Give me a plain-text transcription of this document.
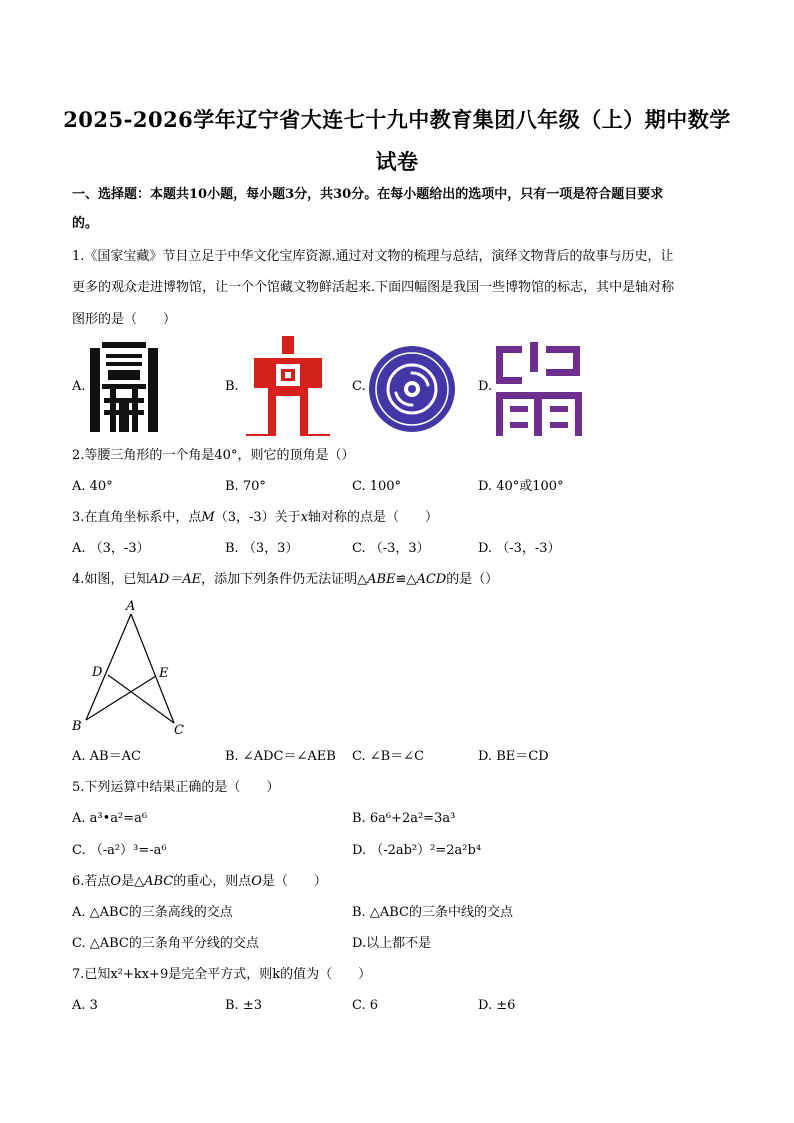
2025-2026学年辽宁省大连七十九中教育集团八年级（上）期中数学
试卷
一、选择题：本题共10小题，每小题3分，共30分。在每小题给出的选项中，只有一项是符合题目要求
的。
1.《国家宝藏》节目立足于中华文化宝库资源.通过对文物的梳理与总结，演绎文物背后的故事与历史，让
更多的观众走进博物馆，让一个个馆藏文物鲜活起来.下面四幅图是我国一些博物馆的标志，其中是轴对称
图形的是（　　）
A.	B.	C.	D.
2.等腰三角形的一个角是40°，则它的顶角是（）
A. 40°	B. 70°	C. 100°	D. 40°或100°
3.在直角坐标系中，点M（3，-3）关于x轴对称的点是（　　）
A. （3，-3）	B. （3，3）	C. （-3，3）	D. （-3，-3）
4.如图，已知AD＝AE，添加下列条件仍无法证明△ABE≌△ACD的是（）
A
D	E
B	C
A. AB＝AC	B. ∠ADC＝∠AEB C. ∠B＝∠C	D. BE＝CD
5.下列运算中结果正确的是（　　）
A. a³•a²=a⁶	B. 6a⁶+2a²=3a³
C. （-a²）³=-a⁶	D. （-2ab²）²=2a²b⁴
6.若点O是△ABC的重心，则点O是（　　）
A. △ABC的三条高线的交点	B. △ABC的三条中线的交点
C. △ABC的三条角平分线的交点	D.以上都不是
7.已知x²+kx+9是完全平方式，则k的值为（　　）
A. 3	B. ±3	C. 6	D. ±6
